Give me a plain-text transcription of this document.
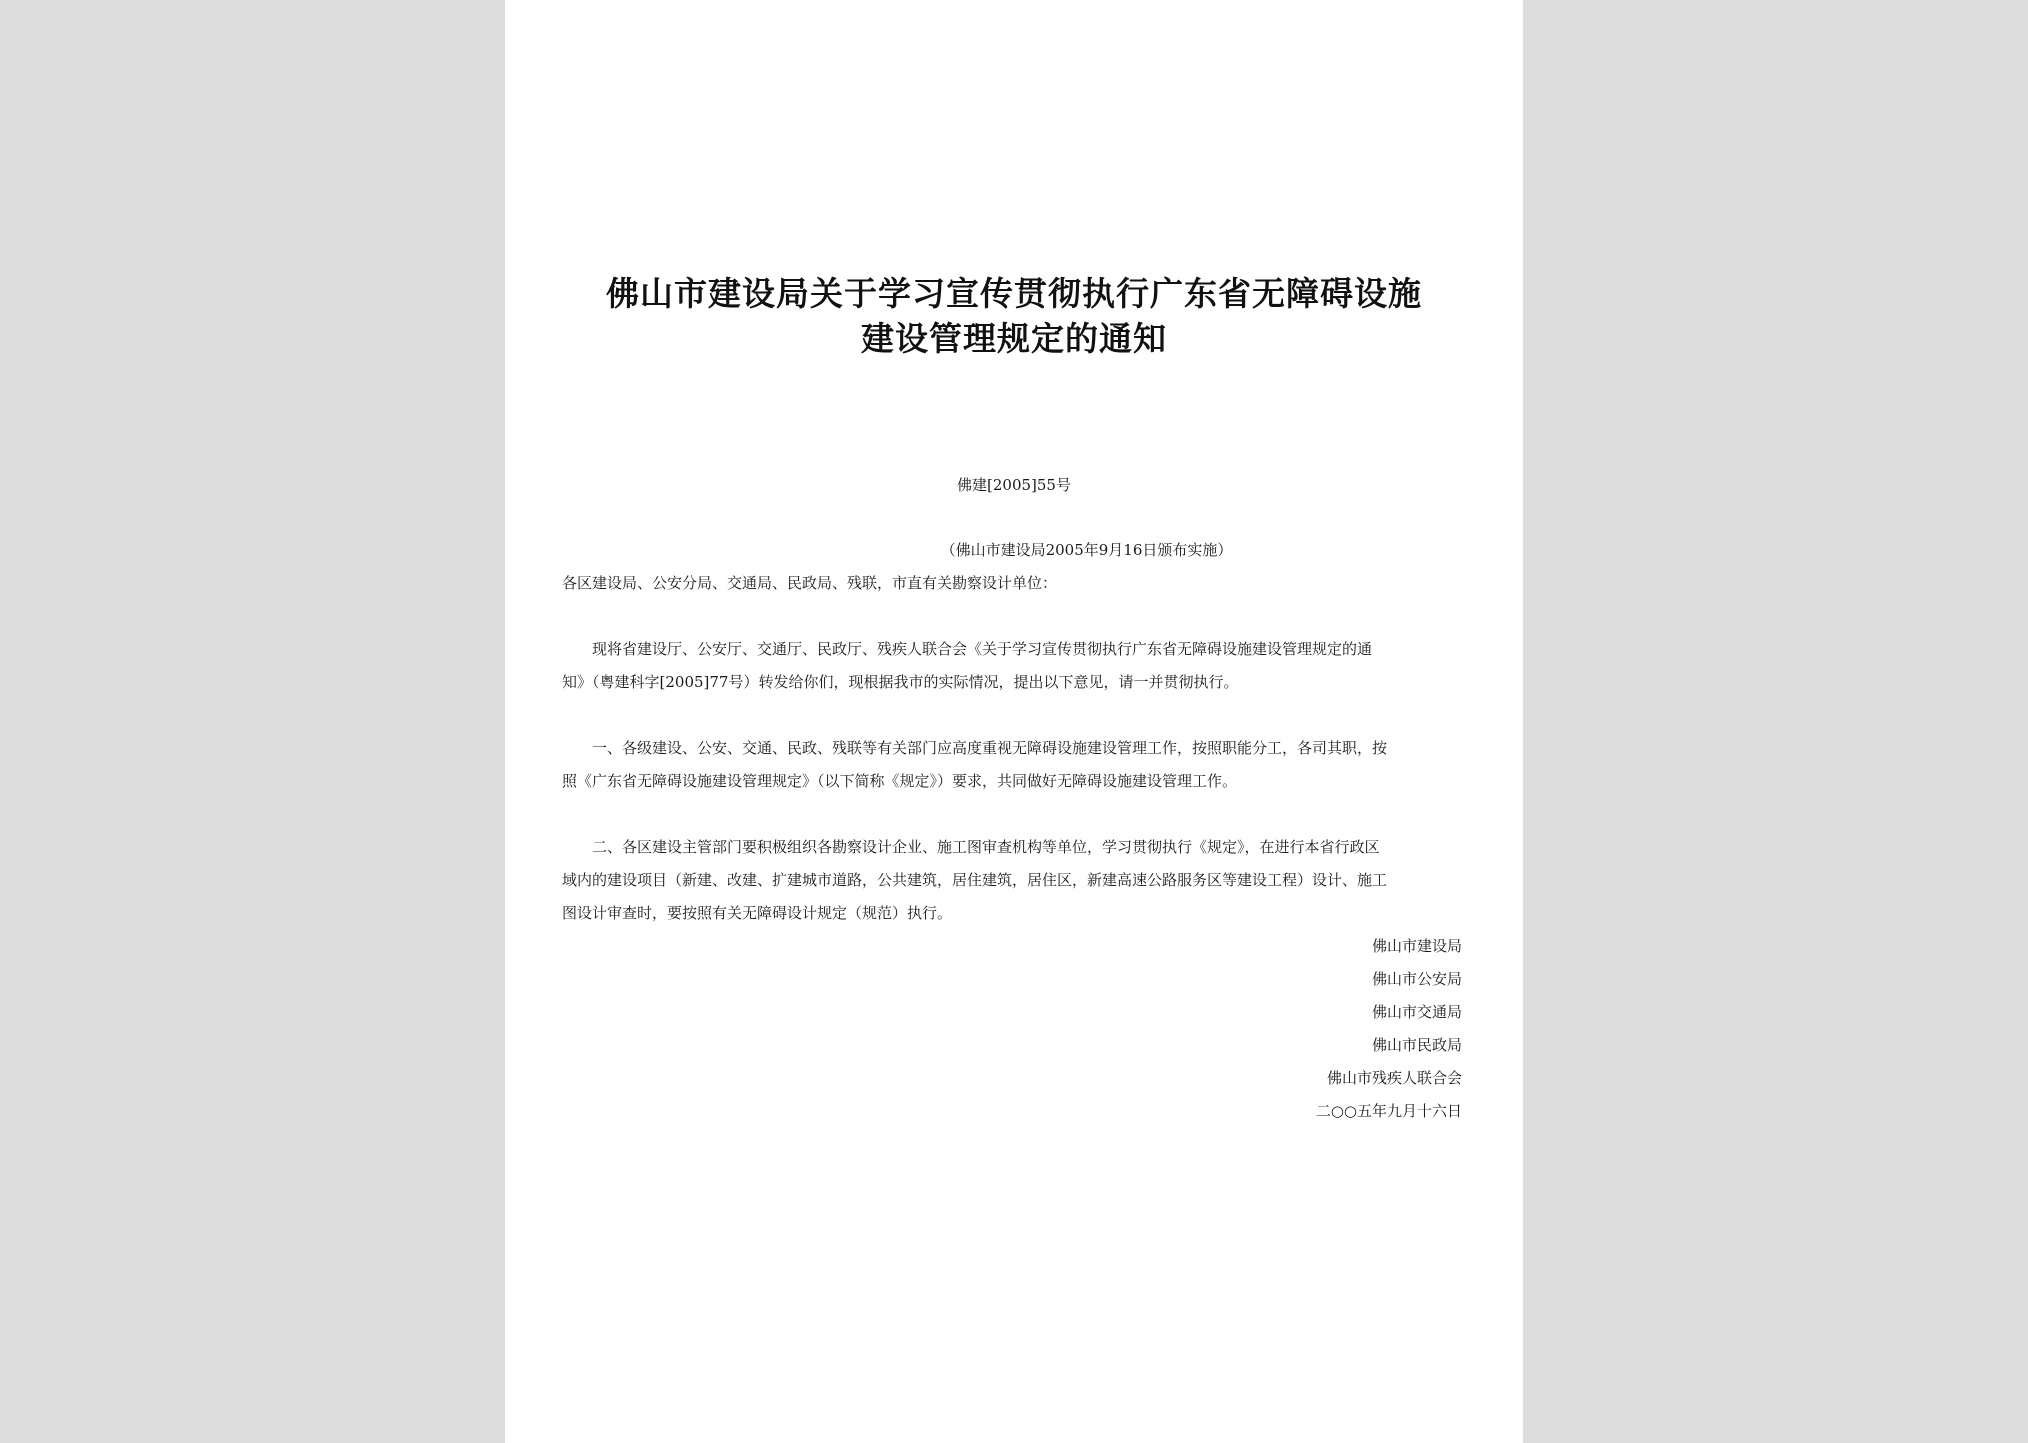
佛山市建设局关于学习宣传贯彻执行广东省无障碍设施
建设管理规定的通知
佛建[2005]55号
（佛山市建设局2005年9月16日颁布实施）
各区建设局、公安分局、交通局、民政局、残联，市直有关勘察设计单位：
　　现将省建设厅、公安厅、交通厅、民政厅、残疾人联合会《关于学习宣传贯彻执行广东省无障碍设施建设管理规定的通
知》（粤建科字[2005]77号）转发给你们，现根据我市的实际情况，提出以下意见，请一并贯彻执行。
　　一、各级建设、公安、交通、民政、残联等有关部门应高度重视无障碍设施建设管理工作，按照职能分工，各司其职，按
照《广东省无障碍设施建设管理规定》（以下简称《规定》）要求，共同做好无障碍设施建设管理工作。
　　二、各区建设主管部门要积极组织各勘察设计企业、施工图审查机构等单位，学习贯彻执行《规定》，在进行本省行政区
域内的建设项目（新建、改建、扩建城市道路，公共建筑，居住建筑，居住区，新建高速公路服务区等建设工程）设计、施工
图设计审查时，要按照有关无障碍设计规定（规范）执行。
佛山市建设局
佛山市公安局
佛山市交通局
佛山市民政局
佛山市残疾人联合会
二○○五年九月十六日
